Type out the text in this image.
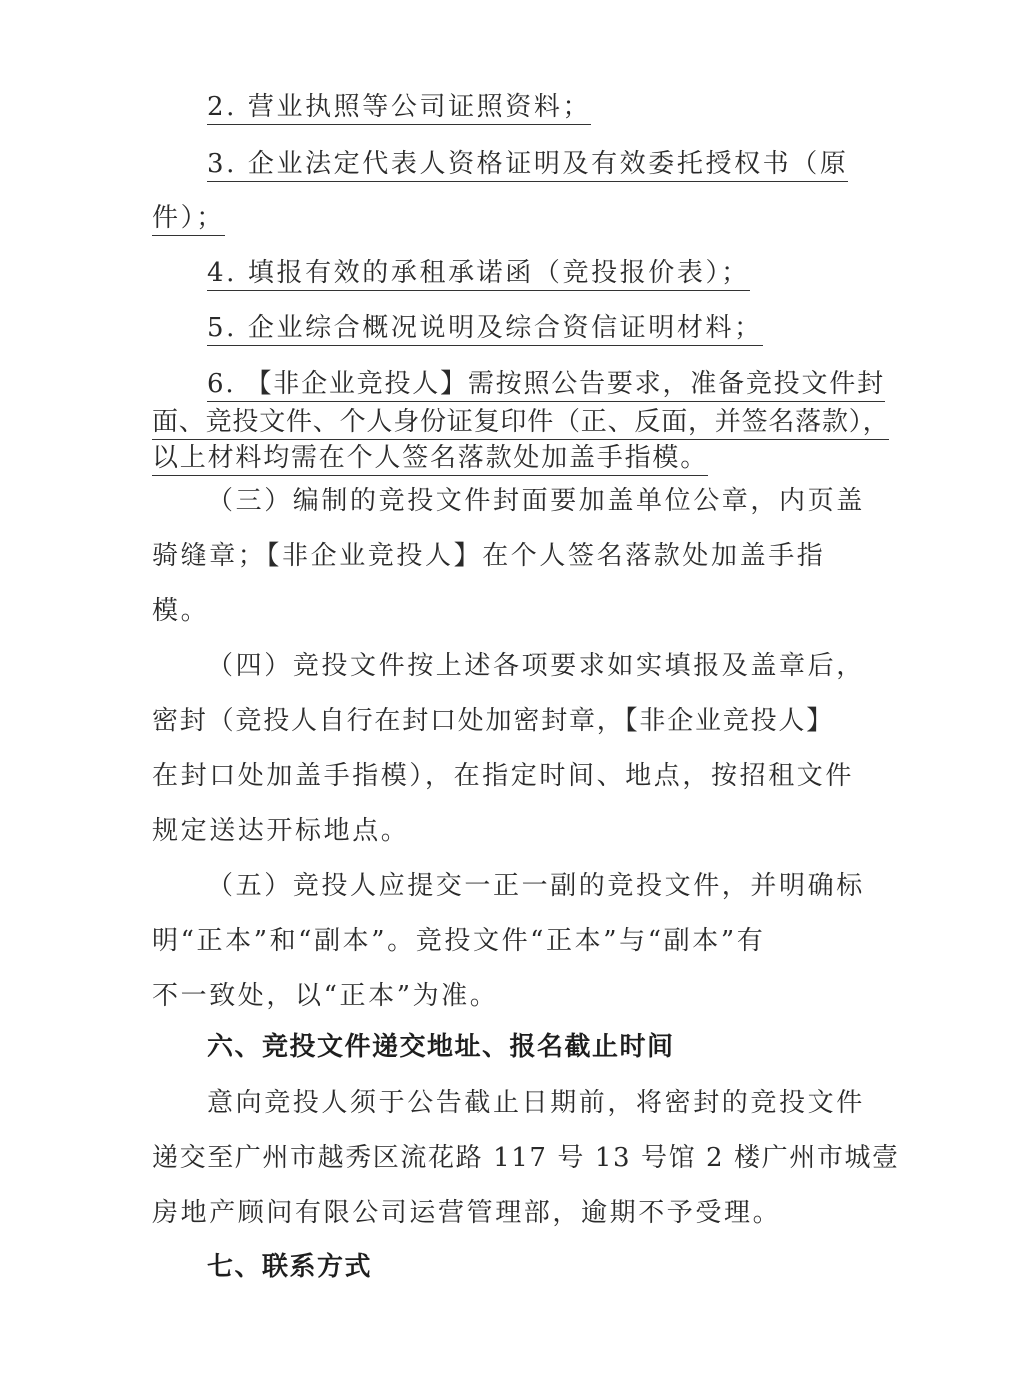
2. 营业执照等公司证照资料；

3. 企业法定代表人资格证明及有效委托授权书（原

件）；

4. 填报有效的承租承诺函（竞投报价表）；

5. 企业综合概况说明及综合资信证明材料；

6. 【非企业竞投人】需按照公告要求，准备竞投文件封

面、竞投文件、个人身份证复印件（正、反面，并签名落款），

以上材料均需在个人签名落款处加盖手指模。

（三）编制的竞投文件封面要加盖单位公章，内页盖

骑缝章；【非企业竞投人】在个人签名落款处加盖手指

模。

（四）竞投文件按上述各项要求如实填报及盖章后，

密封（竞投人自行在封口处加密封章，【非企业竞投人】

在封口处加盖手指模），在指定时间、地点，按招租文件

规定送达开标地点。

（五）竞投人应提交一正一副的竞投文件，并明确标

明“正本”和“副本”。竞投文件“正本”与“副本”有

不一致处，以“正本”为准。

六、竞投文件递交地址、报名截止时间

意向竞投人须于公告截止日期前，将密封的竞投文件

递交至广州市越秀区流花路 117 号 13 号馆 2 楼广州市城壹

房地产顾问有限公司运营管理部，逾期不予受理。

七、联系方式
